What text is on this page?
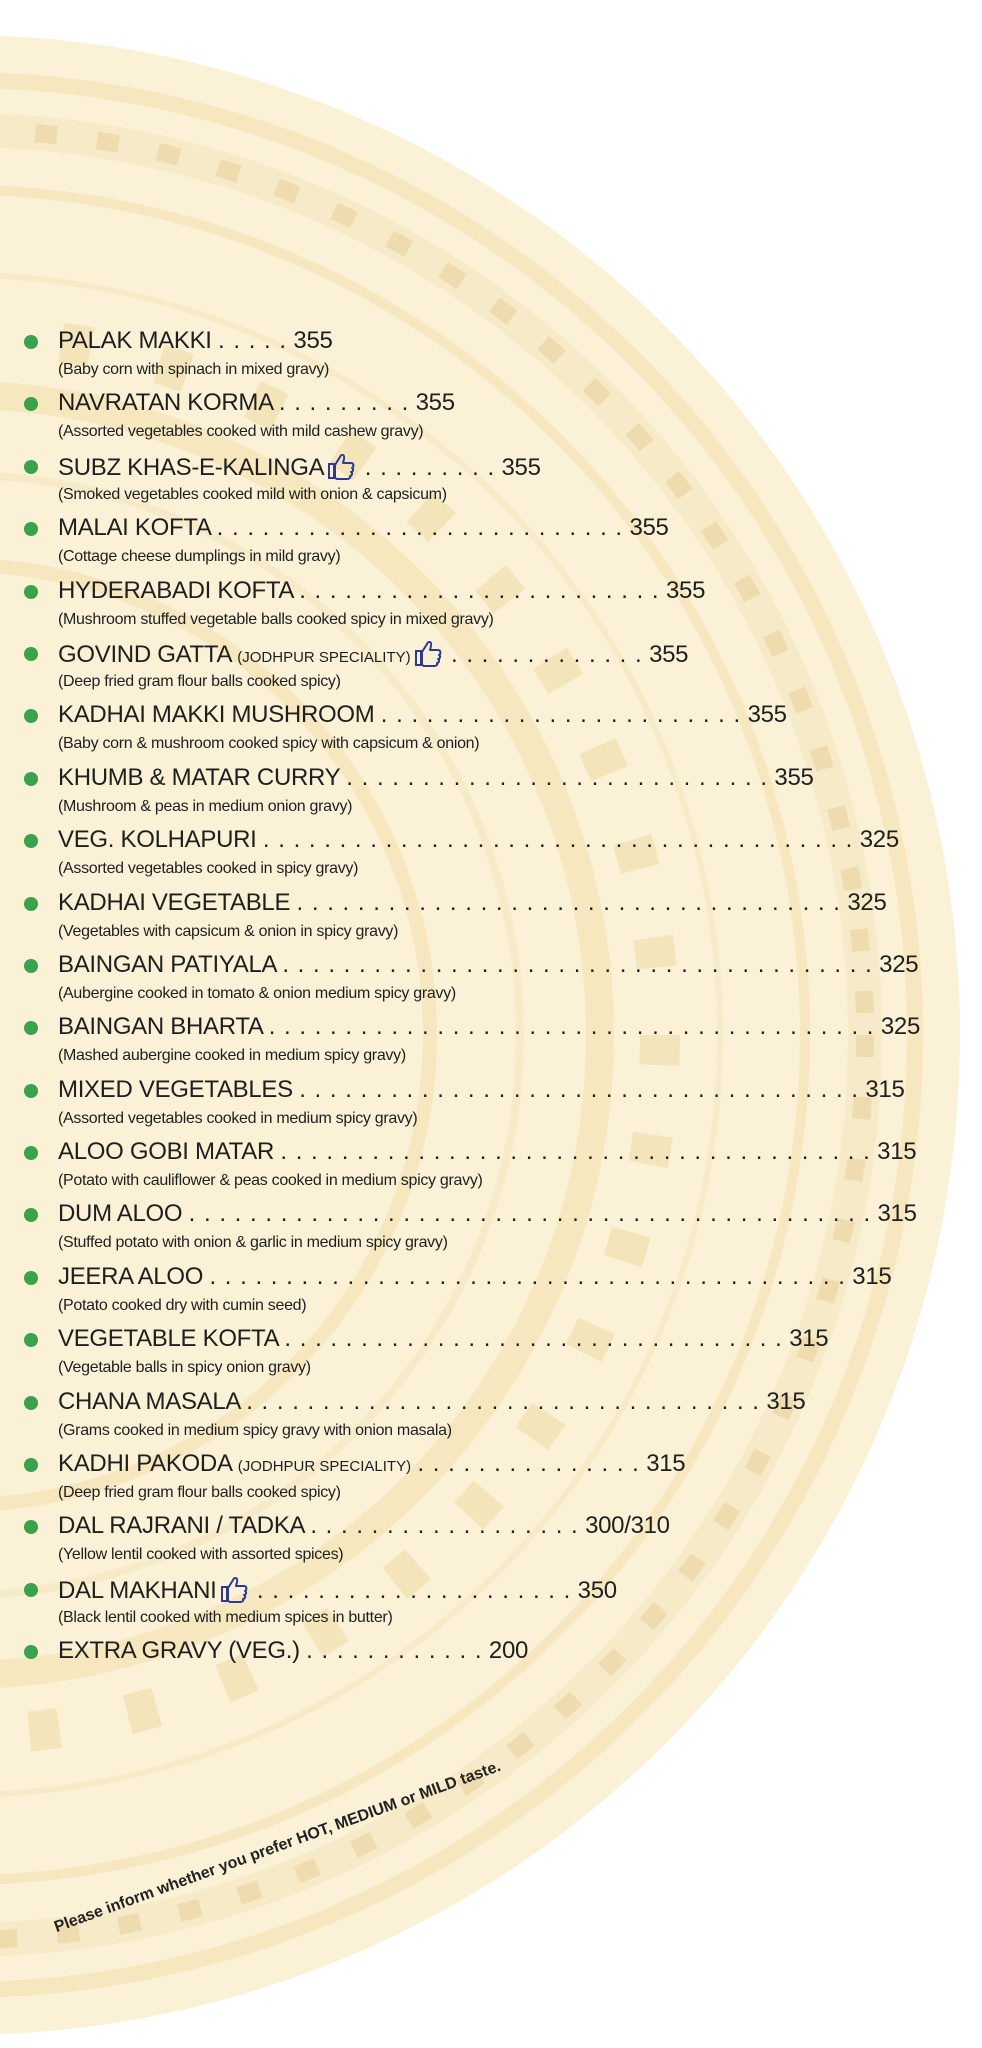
PALAK MAKKI . . . . . 355
(Baby corn with spinach in mixed gravy)
NAVRATAN KORMA . . . . . . . . . 355
(Assorted vegetables cooked with mild cashew gravy)
SUBZ KHAS-E-KALINGA . . . . . . . . . 355
(Smoked vegetables cooked mild with onion & capsicum)
MALAI KOFTA . . . . . . . . . . . . . . . . . . . . . . . . . . . 355
(Cottage cheese dumplings in mild gravy)
HYDERABADI KOFTA . . . . . . . . . . . . . . . . . . . . . . . . 355
(Mushroom stuffed vegetable balls cooked spicy in mixed gravy)
GOVIND GATTA (JODHPUR SPECIALITY) . . . . . . . . . . . . . 355
(Deep fried gram flour balls cooked spicy)
KADHAI MAKKI MUSHROOM . . . . . . . . . . . . . . . . . . . . . . . . 355
(Baby corn & mushroom cooked spicy with capsicum & onion)
KHUMB & MATAR CURRY . . . . . . . . . . . . . . . . . . . . . . . . . . . . 355
(Mushroom & peas in medium onion gravy)
VEG. KOLHAPURI . . . . . . . . . . . . . . . . . . . . . . . . . . . . . . . . . . . . . . . 325
(Assorted vegetables cooked in spicy gravy)
KADHAI VEGETABLE . . . . . . . . . . . . . . . . . . . . . . . . . . . . . . . . . . . . 325
(Vegetables with capsicum & onion in spicy gravy)
BAINGAN PATIYALA . . . . . . . . . . . . . . . . . . . . . . . . . . . . . . . . . . . . . . . 325
(Aubergine cooked in tomato & onion medium spicy gravy)
BAINGAN BHARTA . . . . . . . . . . . . . . . . . . . . . . . . . . . . . . . . . . . . . . . . 325
(Mashed aubergine cooked in medium spicy gravy)
MIXED VEGETABLES . . . . . . . . . . . . . . . . . . . . . . . . . . . . . . . . . . . . . 315
(Assorted vegetables cooked in medium spicy gravy)
ALOO GOBI MATAR . . . . . . . . . . . . . . . . . . . . . . . . . . . . . . . . . . . . . . . 315
(Potato with cauliflower & peas cooked in medium spicy gravy)
DUM ALOO . . . . . . . . . . . . . . . . . . . . . . . . . . . . . . . . . . . . . . . . . . . . . 315
(Stuffed potato with onion & garlic in medium spicy gravy)
JEERA ALOO . . . . . . . . . . . . . . . . . . . . . . . . . . . . . . . . . . . . . . . . . . 315
(Potato cooked dry with cumin seed)
VEGETABLE KOFTA . . . . . . . . . . . . . . . . . . . . . . . . . . . . . . . . . 315
(Vegetable balls in spicy onion gravy)
CHANA MASALA . . . . . . . . . . . . . . . . . . . . . . . . . . . . . . . . . . 315
(Grams cooked in medium spicy gravy with onion masala)
KADHI PAKODA (JODHPUR SPECIALITY) . . . . . . . . . . . . . . . 315
(Deep fried gram flour balls cooked spicy)
DAL RAJRANI / TADKA . . . . . . . . . . . . . . . . . . 300/310
(Yellow lentil cooked with assorted spices)
DAL MAKHANI . . . . . . . . . . . . . . . . . . . . . 350
(Black lentil cooked with medium spices in butter)
EXTRA GRAVY (VEG.) . . . . . . . . . . . . 200
Please inform whether you prefer HOT, MEDIUM or MILD taste.
